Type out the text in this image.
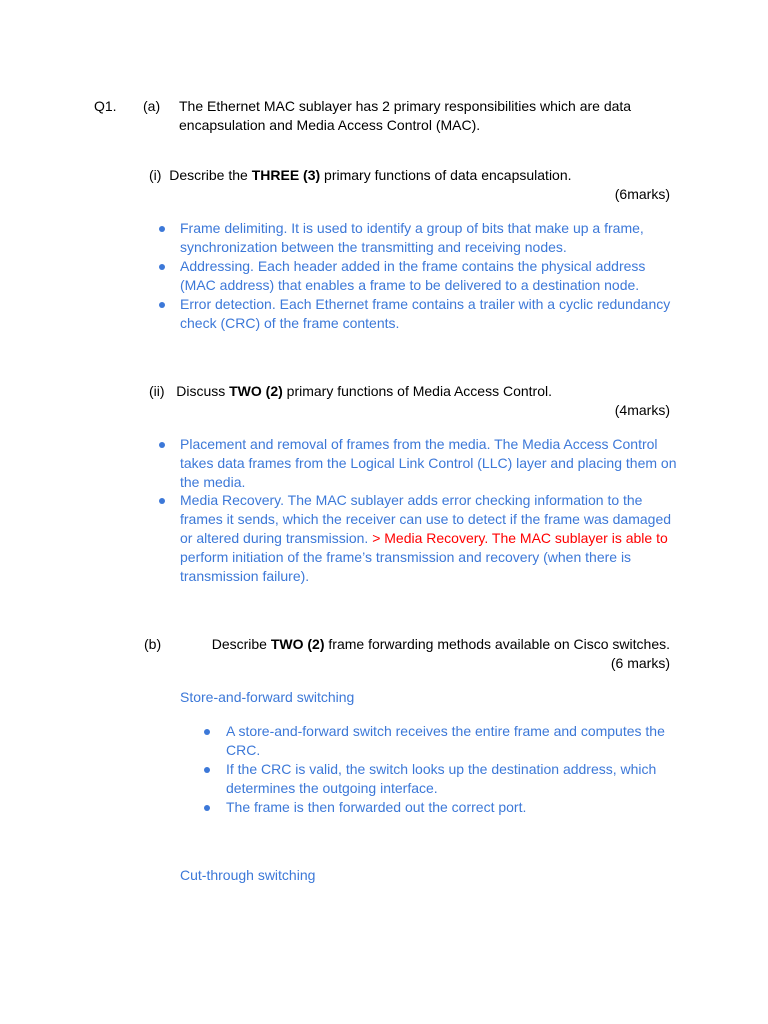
Q1. (a) The Ethernet MAC sublayer has 2 primary responsibilities which are data
encapsulation and Media Access Control (MAC).
(i) Describe the THREE (3) primary functions of data encapsulation.
(6marks)
Frame delimiting. It is used to identify a group of bits that make up a frame,
synchronization between the transmitting and receiving nodes.
Addressing. Each header added in the frame contains the physical address
(MAC address) that enables a frame to be delivered to a destination node.
Error detection. Each Ethernet frame contains a trailer with a cyclic redundancy
check (CRC) of the frame contents.
(ii) Discuss TWO (2) primary functions of Media Access Control.
(4marks)
Placement and removal of frames from the media. The Media Access Control
takes data frames from the Logical Link Control (LLC) layer and placing them on
the media.
Media Recovery. The MAC sublayer adds error checking information to the
frames it sends, which the receiver can use to detect if the frame was damaged
or altered during transmission. > Media Recovery. The MAC sublayer is able to
perform initiation of the frame’s transmission and recovery (when there is
transmission failure).
(b)	Describe TWO (2) frame forwarding methods available on Cisco switches.
(6 marks)
Store-and-forward switching
A store-and-forward switch receives the entire frame and computes the
CRC.
If the CRC is valid, the switch looks up the destination address, which
determines the outgoing interface.
The frame is then forwarded out the correct port.
Cut-through switching
